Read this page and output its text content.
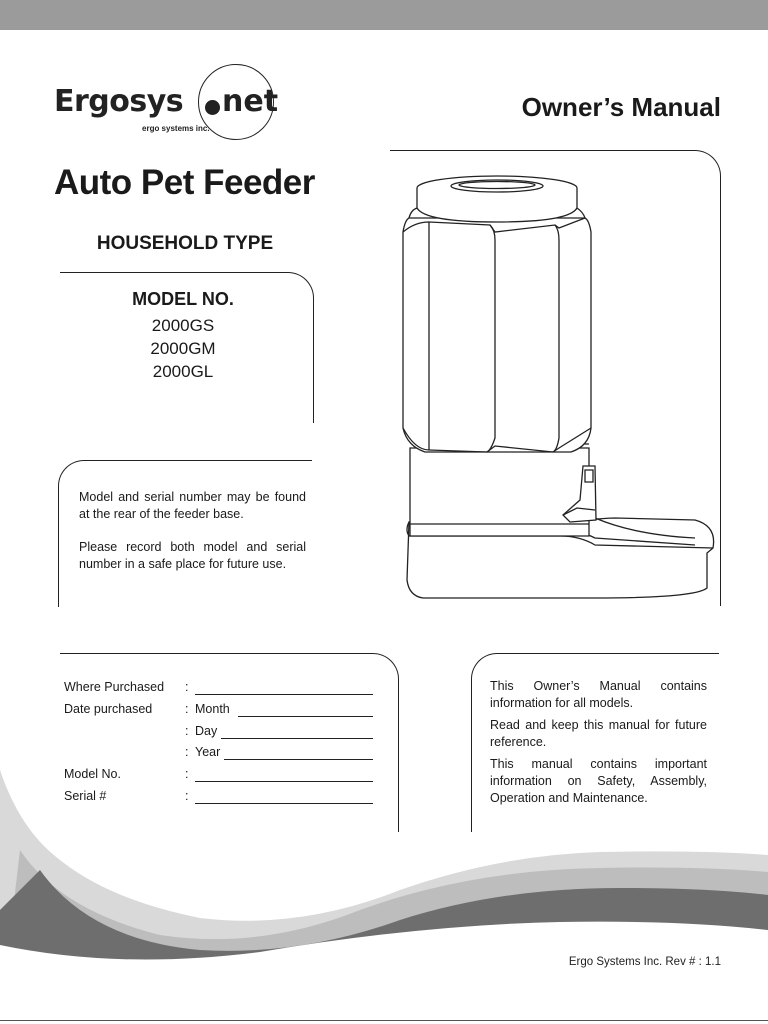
Ergosys net
ergo systems inc.
Owner’s Manual
Auto Pet Feeder
HOUSEHOLD TYPE
MODEL NO.
2000GS
2000GM
2000GL

Model and serial number may be found at the rear of the feeder base.

Please record both model and serial number in a safe place for future use.

Where Purchased :
Date purchased	: Month
: Day
: Year
Model No.	:
Serial #	:

This Owner’s Manual contains information for all models.

Read and keep this manual for future reference.

This manual contains important information on Safety, Assembly, Operation and Maintenance.

Ergo Systems Inc. Rev # : 1.1
